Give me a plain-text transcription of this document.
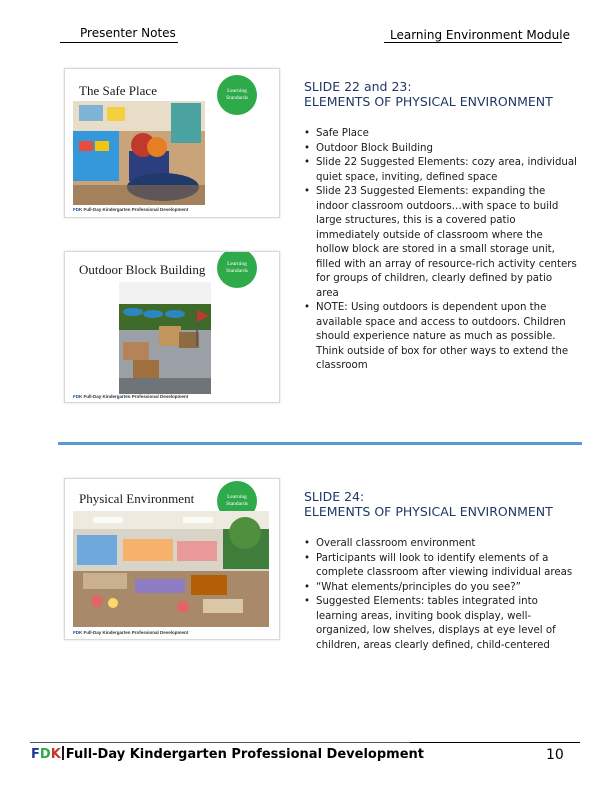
Presenter Notes	Learning Environment Module
The Safe Place	Learning Standards
FDK Full-Day Kindergarten Professional Development
Outdoor Block Building	Learning Standards
FDK Full-Day Kindergarten Professional Development
SLIDE 22 and 23:
ELEMENTS OF PHYSICAL ENVIRONMENT
• Safe Place
• Outdoor Block Building
• Slide 22 Suggested Elements: cozy area, individual quiet space, inviting, defined space
• Slide 23 Suggested Elements: expanding the indoor classroom outdoors…with space to build large structures, this is a covered patio immediately outside of classroom where the hollow block are stored in a small storage unit, filled with an array of resource-rich activity centers for groups of children, clearly defined by patio area
• NOTE: Using outdoors is dependent upon the available space and access to outdoors. Children should experience nature as much as possible. Think outside of box for other ways to extend the classroom
Physical Environment	Learning Standards
FDK Full-Day Kindergarten Professional Development
SLIDE 24:
ELEMENTS OF PHYSICAL ENVIRONMENT
• Overall classroom environment
• Participants will look to identify elements of a complete classroom after viewing individual areas
• “What elements/principles do you see?”
• Suggested Elements: tables integrated into learning areas, inviting book display, well-organized, low shelves, displays at eye level of children, areas clearly defined, child-centered
FDK Full-Day Kindergarten Professional Development	10
